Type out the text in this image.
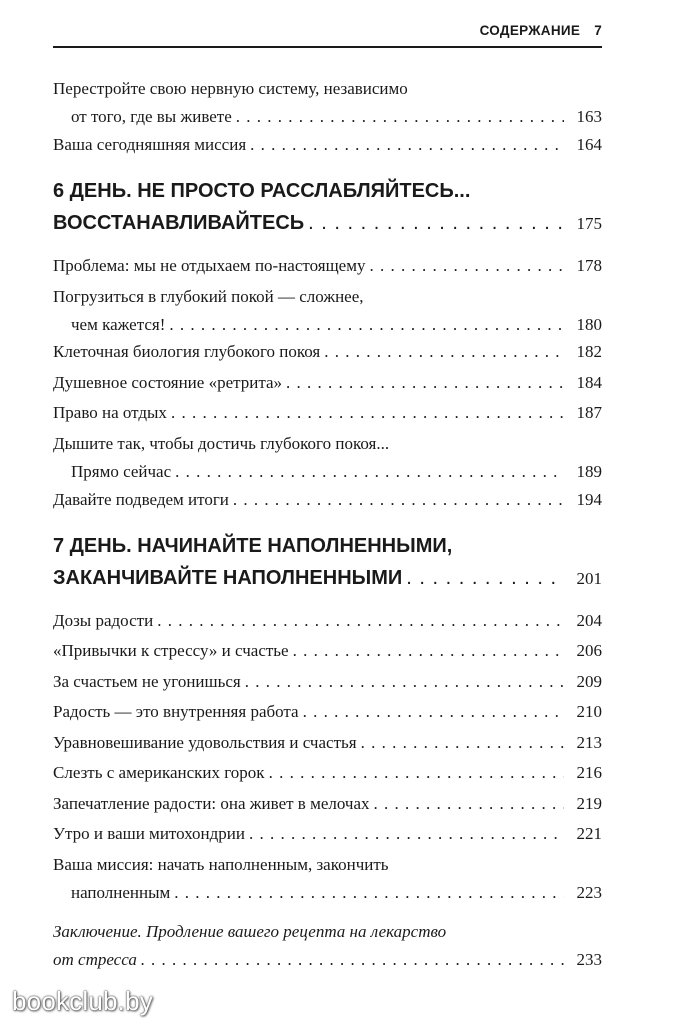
СОДЕРЖАНИЕ 7
Перестройте свою нервную систему, независимо
от того, где вы живете . . .	163
Ваша сегодняшняя миссия . . .	164
6 ДЕНЬ. НЕ ПРОСТО РАССЛАБЛЯЙТЕСЬ...
ВОССТАНАВЛИВАЙТЕСЬ . . .	175
Проблема: мы не отдыхаем по-настоящему . . .	178
Погрузиться в глубокий покой — сложнее,
чем кажется! . . .	180
Клеточная биология глубокого покоя . . .	182
Душевное состояние «ретрита» . . .	184
Право на отдых . . .	187
Дышите так, чтобы достичь глубокого покоя...
Прямо сейчас . . .	189
Давайте подведем итоги . . .	194
7 ДЕНЬ. НАЧИНАЙТЕ НАПОЛНЕННЫМИ,
ЗАКАНЧИВАЙТЕ НАПОЛНЕННЫМИ . . .	201
Дозы радости . . .	204
«Привычки к стрессу» и счастье . . .	206
За счастьем не угонишься . . .	209
Радость — это внутренняя работа . . .	210
Уравновешивание удовольствия и счастья . . .	213
Слезть с американских горок . . .	216
Запечатление радости: она живет в мелочах . . .	219
Утро и ваши митохондрии . . .	221
Ваша миссия: начать наполненным, закончить
наполненным . . .	223
Заключение. Продление вашего рецепта на лекарство
от стресса . . .	233
bookclub.by
